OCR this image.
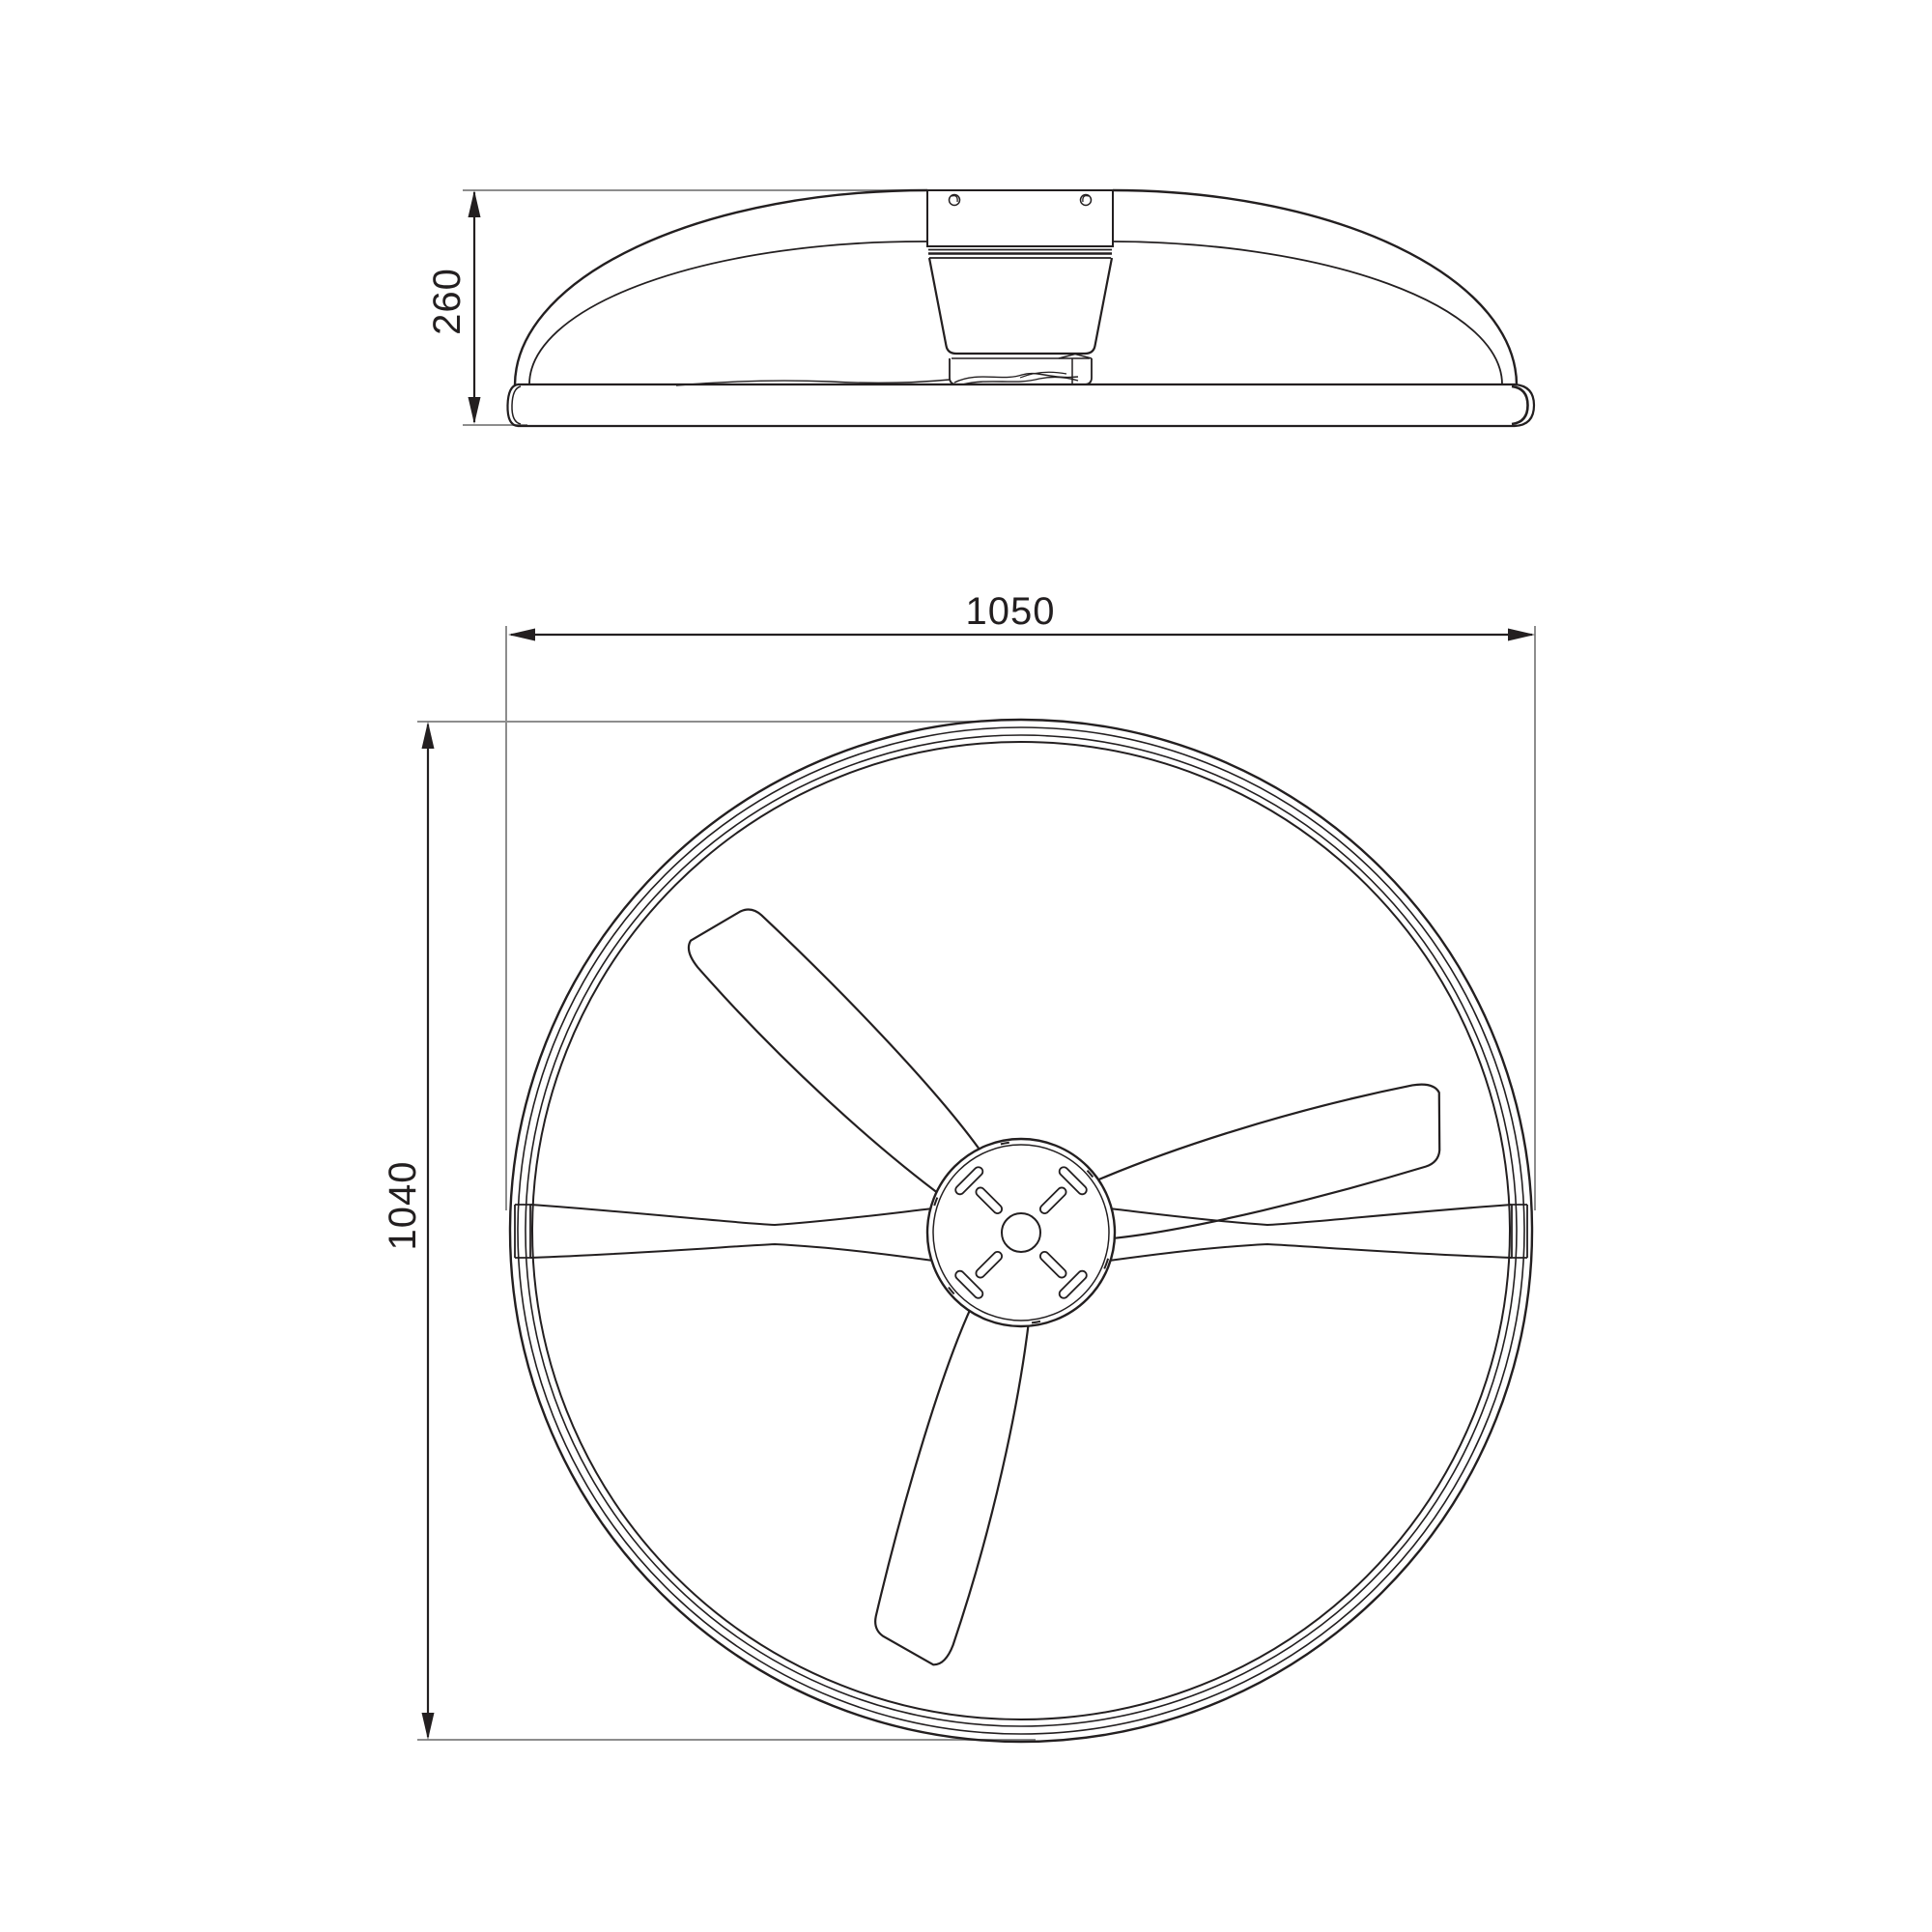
260
1050
1040
